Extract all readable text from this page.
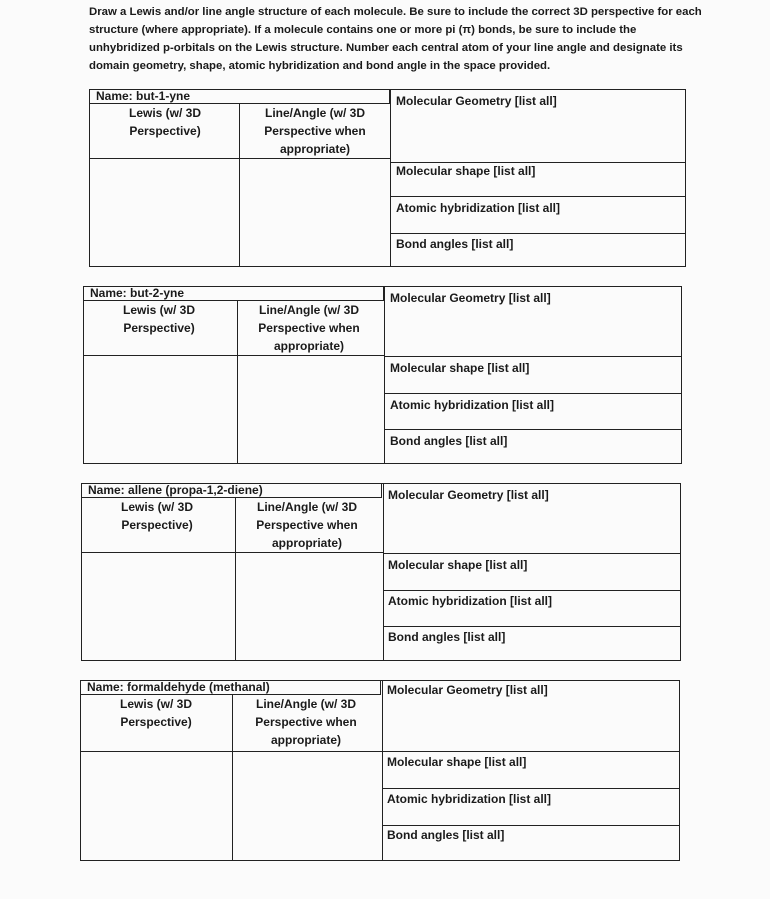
Draw a Lewis and/or line angle structure of each molecule. Be sure to include the correct 3D perspective for each
structure (where appropriate). If a molecule contains one or more pi (π) bonds, be sure to include the
unhybridized p-orbitals on the Lewis structure. Number each central atom of your line angle and designate its
domain geometry, shape, atomic hybridization and bond angle in the space provided.
Name: but-1-yne
Lewis (w/ 3D
Perspective)
Line/Angle (w/ 3D
Perspective when
appropriate)
Molecular Geometry [list all]
Molecular shape [list all]
Atomic hybridization [list all]
Bond angles [list all]
Name: but-2-yne
Lewis (w/ 3D
Perspective)
Line/Angle (w/ 3D
Perspective when
appropriate)
Molecular Geometry [list all]
Molecular shape [list all]
Atomic hybridization [list all]
Bond angles [list all]
Name: allene (propa-1,2-diene)
Lewis (w/ 3D
Perspective)
Line/Angle (w/ 3D
Perspective when
appropriate)
Molecular Geometry [list all]
Molecular shape [list all]
Atomic hybridization [list all]
Bond angles [list all]
Name: formaldehyde (methanal)
Lewis (w/ 3D
Perspective)
Line/Angle (w/ 3D
Perspective when
appropriate)
Molecular Geometry [list all]
Molecular shape [list all]
Atomic hybridization [list all]
Bond angles [list all]
